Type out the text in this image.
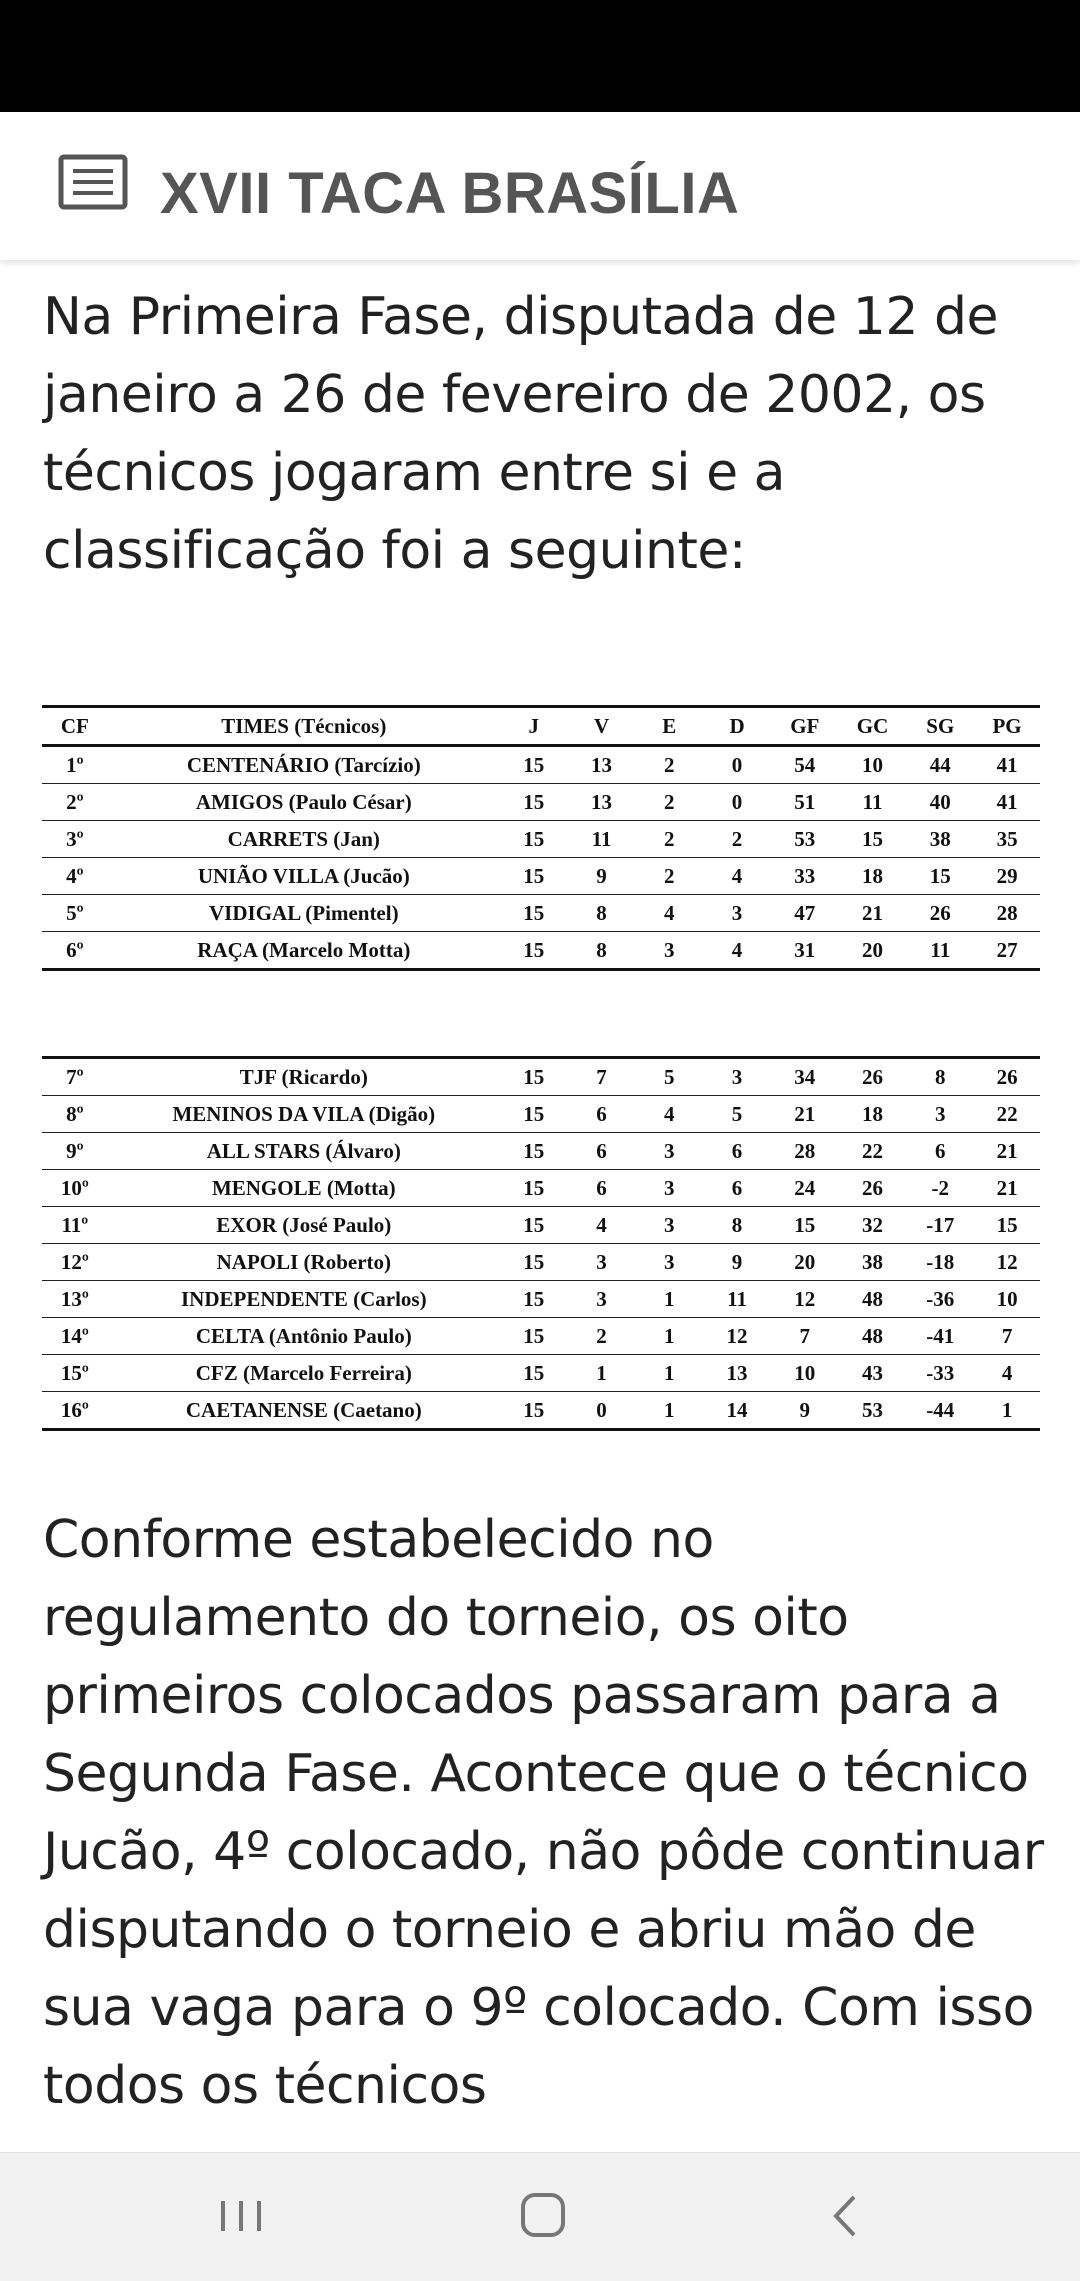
XVII TACA BRASÍLIA

Na Primeira Fase, disputada de 12 de janeiro a 26 de fevereiro de 2002, os técnicos jogaram entre si e a classificação foi a seguinte:

CF	TIMES (Técnicos)	J	V	E	D	GF	GC	SG	PG
1º	CENTENÁRIO (Tarcízio)	15	13	2	0	54	10	44	41
2º	AMIGOS (Paulo César)	15	13	2	0	51	11	40	41
3º	CARRETS (Jan)	15	11	2	2	53	15	38	35
4º	UNIÃO VILLA (Jucão)	15	9	2	4	33	18	15	29
5º	VIDIGAL (Pimentel)	15	8	4	3	47	21	26	28
6º	RAÇA (Marcelo Motta)	15	8	3	4	31	20	11	27
7º	TJF (Ricardo)	15	7	5	3	34	26	8	26
8º	MENINOS DA VILA (Digão)	15	6	4	5	21	18	3	22
9º	ALL STARS (Álvaro)	15	6	3	6	28	22	6	21
10º	MENGOLE (Motta)	15	6	3	6	24	26	-2	21
11º	EXOR (José Paulo)	15	4	3	8	15	32	-17	15
12º	NAPOLI (Roberto)	15	3	3	9	20	38	-18	12
13º	INDEPENDENTE (Carlos)	15	3	1	11	12	48	-36	10
14º	CELTA (Antônio Paulo)	15	2	1	12	7	48	-41	7
15º	CFZ (Marcelo Ferreira)	15	1	1	13	10	43	-33	4
16º	CAETANENSE (Caetano)	15	0	1	14	9	53	-44	1

Conforme estabelecido no regulamento do torneio, os oito primeiros colocados passaram para a Segunda Fase. Acontece que o técnico Jucão, 4º colocado, não pôde continuar disputando o torneio e abriu mão de sua vaga para o 9º colocado. Com isso todos os técnicos
